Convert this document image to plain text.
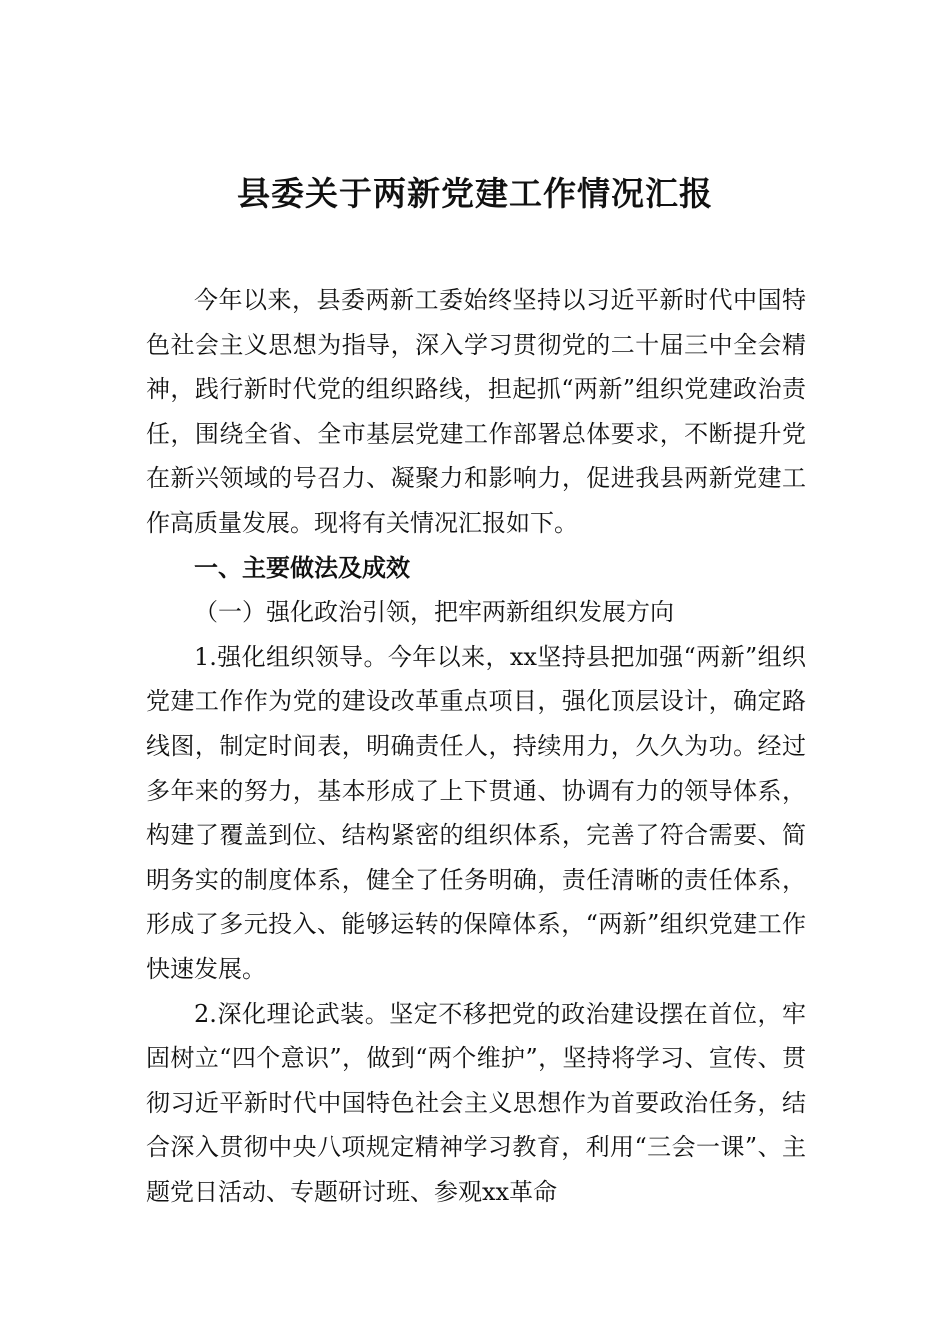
县委关于两新党建工作情况汇报

今年以来，县委两新工委始终坚持以习近平新时代中国特色社会主义思想为指导，深入学习贯彻党的二十届三中全会精神，践行新时代党的组织路线，担起抓“两新”组织党建政治责任，围绕全省、全市基层党建工作部署总体要求，不断提升党在新兴领域的号召力、凝聚力和影响力，促进我县两新党建工作高质量发展。现将有关情况汇报如下。

一、主要做法及成效

（一）强化政治引领，把牢两新组织发展方向

1.强化组织领导。今年以来，xx坚持县把加强“两新”组织党建工作作为党的建设改革重点项目，强化顶层设计，确定路线图，制定时间表，明确责任人，持续用力，久久为功。经过多年来的努力，基本形成了上下贯通、协调有力的领导体系，构建了覆盖到位、结构紧密的组织体系，完善了符合需要、简明务实的制度体系，健全了任务明确，责任清晰的责任体系，形成了多元投入、能够运转的保障体系，“两新”组织党建工作快速发展。

2.深化理论武装。坚定不移把党的政治建设摆在首位，牢固树立“四个意识”，做到“两个维护”，坚持将学习、宣传、贯彻习近平新时代中国特色社会主义思想作为首要政治任务，结合深入贯彻中央八项规定精神学习教育，利用“三会一课”、主题党日活动、专题研讨班、参观xx革命
